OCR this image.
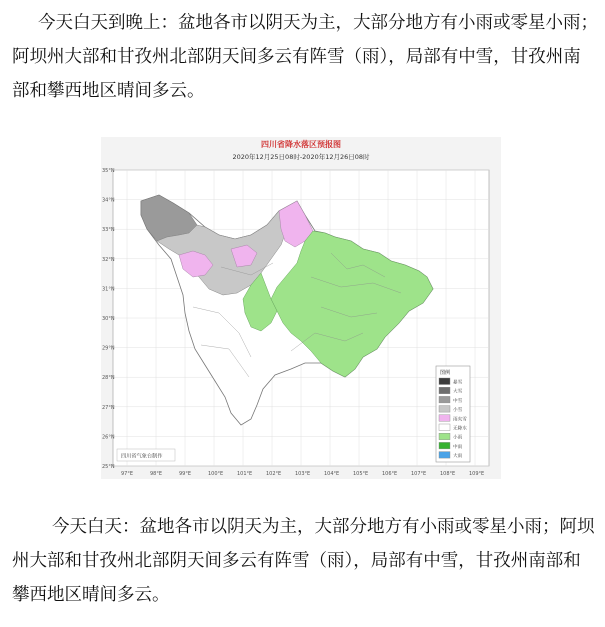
今天白天到晚上：盆地各市以阴天为主，大部分地方有小雨或零星小雨；阿坝州大部和甘孜州北部阴天间多云有阵雪（雨），局部有中雪，甘孜州南部和攀西地区晴间多云。

35°N
34°N
33°N
32°N
31°N
30°N
29°N
28°N
27°N
26°N
25°N
97°E	98°E	99°E	100°E	101°E	102°E	103°E	104°E	105°E	106°E	107°E	108°E	109°E
四川省气象台制作
图例
暴雪
大雪
中雪
小雪
雨夹雪
无降水
小雨
中雨
大雨
四川省降水落区预报图
2020年12月25日08时-2020年12月26日08时

今天白天：盆地各市以阴天为主，大部分地方有小雨或零星小雨；阿坝州大部和甘孜州北部阴天间多云有阵雪（雨），局部有中雪，甘孜州南部和攀西地区晴间多云。
